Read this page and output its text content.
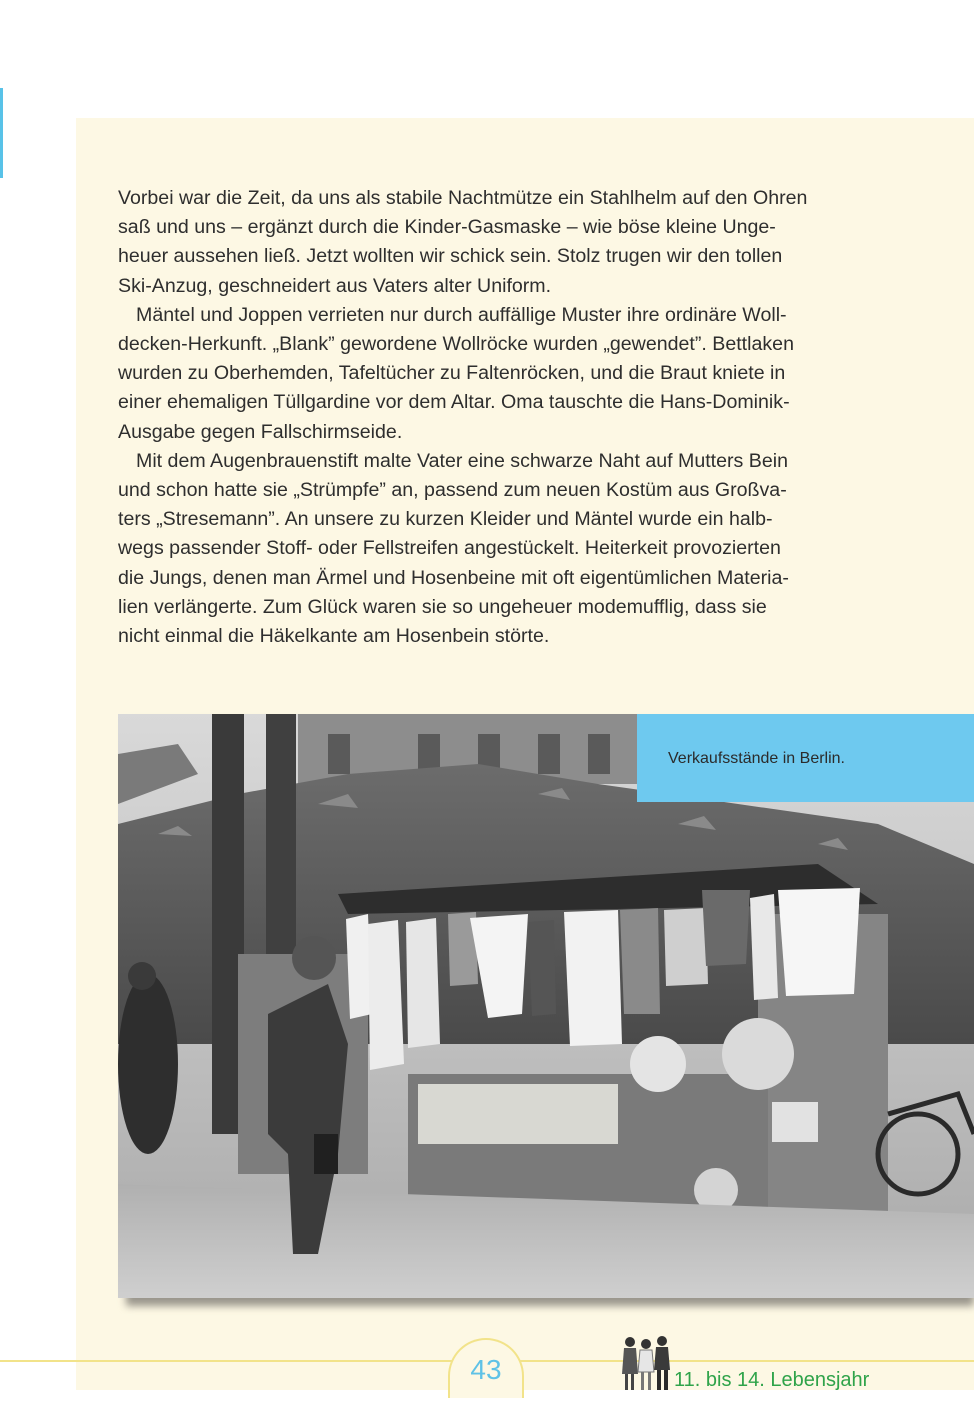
Vorbei war die Zeit, da uns als stabile Nachtmütze ein Stahlhelm auf den Ohren
saß und uns – ergänzt durch die Kinder-Gasmaske – wie böse kleine Unge-
heuer aussehen ließ. Jetzt wollten wir schick sein. Stolz trugen wir den tollen
Ski-Anzug, geschneidert aus Vaters alter Uniform.
Mäntel und Joppen verrieten nur durch auffällige Muster ihre ordinäre Woll-
decken-Herkunft. „Blank” gewordene Wollröcke wurden „gewendet”. Bettlaken
wurden zu Oberhemden, Tafeltücher zu Faltenröcken, und die Braut kniete in
einer ehemaligen Tüllgardine vor dem Altar. Oma tauschte die Hans-Dominik-
Ausgabe gegen Fallschirmseide.
Mit dem Augenbrauenstift malte Vater eine schwarze Naht auf Mutters Bein
und schon hatte sie „Strümpfe” an, passend zum neuen Kostüm aus Großva-
ters „Stresemann”. An unsere zu kurzen Kleider und Mäntel wurde ein halb-
wegs passender Stoff- oder Fellstreifen angestückelt. Heiterkeit provozierten
die Jungs, denen man Ärmel und Hosenbeine mit oft eigentümlichen Materia-
lien verlängerte. Zum Glück waren sie so ungeheuer modemufflig, dass sie
nicht einmal die Häkelkante am Hosenbein störte.
Verkaufsstände in Berlin.
43	11. bis 14. Lebensjahr
